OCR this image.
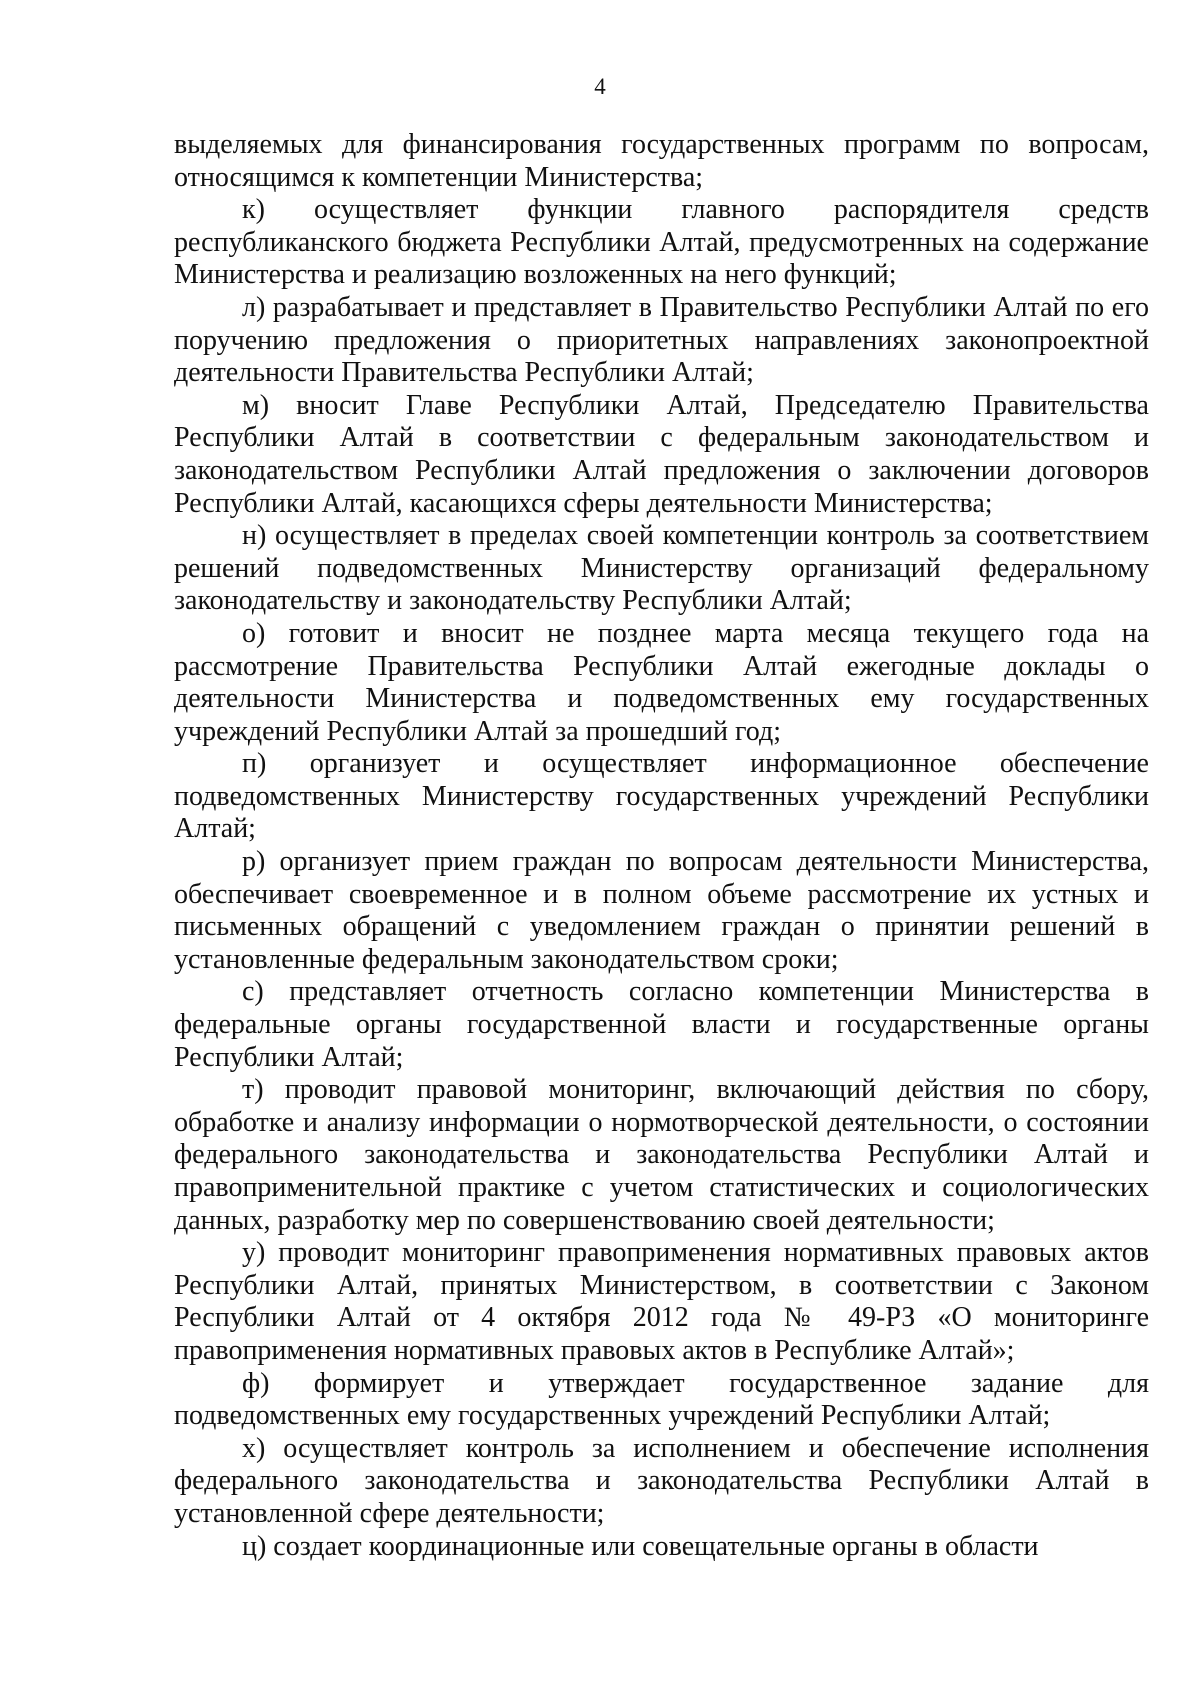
4

выделяемых для финансирования государственных программ по вопросам, относящимся к компетенции Министерства;

к) осуществляет функции главного распорядителя средств республиканского бюджета Республики Алтай, предусмотренных на содержание Министерства и реализацию возложенных на него функций;

л) разрабатывает и представляет в Правительство Республики Алтай по его поручению предложения о приоритетных направлениях законопроектной деятельности Правительства Республики Алтай;

м) вносит Главе Республики Алтай, Председателю Правительства Республики Алтай в соответствии с федеральным законодательством и законодательством Республики Алтай предложения о заключении договоров Республики Алтай, касающихся сферы деятельности Министерства;

н) осуществляет в пределах своей компетенции контроль за соответствием решений подведомственных Министерству организаций федеральному законодательству и законодательству Республики Алтай;

о) готовит и вносит не позднее марта месяца текущего года на рассмотрение Правительства Республики Алтай ежегодные доклады о деятельности Министерства и подведомственных ему государственных учреждений Республики Алтай за прошедший год;

п) организует и осуществляет информационное обеспечение подведомственных Министерству государственных учреждений Республики Алтай;

р) организует прием граждан по вопросам деятельности Министерства, обеспечивает своевременное и в полном объеме рассмотрение их устных и письменных обращений с уведомлением граждан о принятии решений в установленные федеральным законодательством сроки;

с) представляет отчетность согласно компетенции Министерства в федеральные органы государственной власти и государственные органы Республики Алтай;

т) проводит правовой мониторинг, включающий действия по сбору, обработке и анализу информации о нормотворческой деятельности, о состоянии федерального законодательства и законодательства Республики Алтай и правоприменительной практике с учетом статистических и социологических данных, разработку мер по совершенствованию своей деятельности;

у) проводит мониторинг правоприменения нормативных правовых актов Республики Алтай, принятых Министерством, в соответствии с Законом Республики Алтай от 4 октября 2012 года № 49-РЗ «О мониторинге правоприменения нормативных правовых актов в Республике Алтай»;

ф) формирует и утверждает государственное задание для подведомственных ему государственных учреждений Республики Алтай;

х) осуществляет контроль за исполнением и обеспечение исполнения федерального законодательства и законодательства Республики Алтай в установленной сфере деятельности;

ц) создает координационные или совещательные органы в области
